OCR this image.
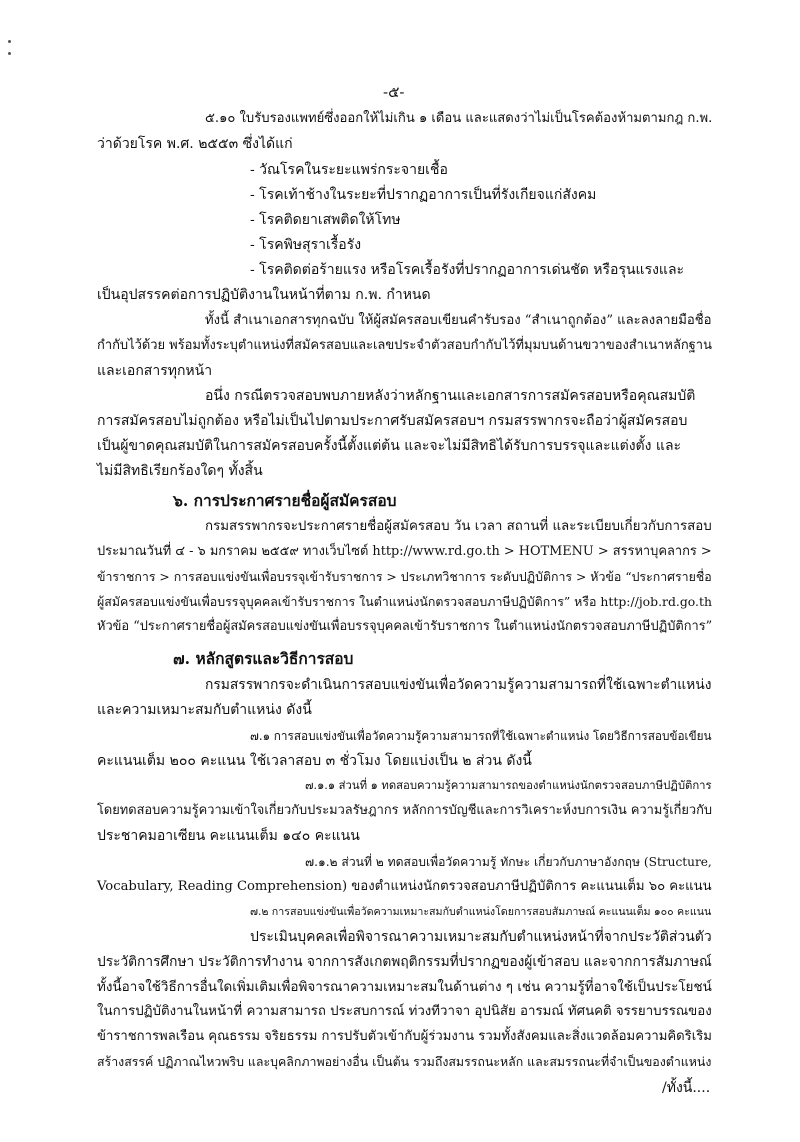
-๕-
๕.๑๐ ใบรับรองแพทย์ซึ่งออกให้ไม่เกิน ๑ เดือน และแสดงว่าไม่เป็นโรคต้องห้ามตามกฎ ก.พ.
ว่าด้วยโรค พ.ศ. ๒๕๕๓ ซึ่งได้แก่
- วัณโรคในระยะแพร่กระจายเชื้อ
- โรคเท้าช้างในระยะที่ปรากฏอาการเป็นที่รังเกียจแก่สังคม
- โรคติดยาเสพติดให้โทษ
- โรคพิษสุราเรื้อรัง
- โรคติดต่อร้ายแรง หรือโรคเรื้อรังที่ปรากฏอาการเด่นชัด หรือรุนแรงและ
เป็นอุปสรรคต่อการปฏิบัติงานในหน้าที่ตาม ก.พ. กำหนด
ทั้งนี้ สำเนาเอกสารทุกฉบับ ให้ผู้สมัครสอบเขียนคำรับรอง “สำเนาถูกต้อง” และลงลายมือชื่อ
กำกับไว้ด้วย พร้อมทั้งระบุตำแหน่งที่สมัครสอบและเลขประจำตัวสอบกำกับไว้ที่มุมบนด้านขวาของสำเนาหลักฐาน
และเอกสารทุกหน้า
อนึ่ง กรณีตรวจสอบพบภายหลังว่าหลักฐานและเอกสารการสมัครสอบหรือคุณสมบัติ
การสมัครสอบไม่ถูกต้อง หรือไม่เป็นไปตามประกาศรับสมัครสอบฯ กรมสรรพากรจะถือว่าผู้สมัครสอบ
เป็นผู้ขาดคุณสมบัติในการสมัครสอบครั้งนี้ตั้งแต่ต้น และจะไม่มีสิทธิได้รับการบรรจุและแต่งตั้ง และ
ไม่มีสิทธิเรียกร้องใดๆ ทั้งสิ้น
๖. การประกาศรายชื่อผู้สมัครสอบ
กรมสรรพากรจะประกาศรายชื่อผู้สมัครสอบ วัน เวลา สถานที่ และระเบียบเกี่ยวกับการสอบ
ประมาณวันที่ ๔ - ๖ มกราคม ๒๕๕๙ ทางเว็บไซต์ http://www.rd.go.th > HOTMENU > สรรหาบุคลากร >
ข้าราชการ > การสอบแข่งขันเพื่อบรรจุเข้ารับราชการ > ประเภทวิชาการ ระดับปฏิบัติการ > หัวข้อ “ประกาศรายชื่อ
ผู้สมัครสอบแข่งขันเพื่อบรรจุบุคคลเข้ารับราชการ ในตำแหน่งนักตรวจสอบภาษีปฏิบัติการ” หรือ http://job.rd.go.th
หัวข้อ “ประกาศรายชื่อผู้สมัครสอบแข่งขันเพื่อบรรจุบุคคลเข้ารับราชการ ในตำแหน่งนักตรวจสอบภาษีปฏิบัติการ”
๗. หลักสูตรและวิธีการสอบ
กรมสรรพากรจะดำเนินการสอบแข่งขันเพื่อวัดความรู้ความสามารถที่ใช้เฉพาะตำแหน่ง
และความเหมาะสมกับตำแหน่ง ดังนี้
๗.๑ การสอบแข่งขันเพื่อวัดความรู้ความสามารถที่ใช้เฉพาะตำแหน่ง โดยวิธีการสอบข้อเขียน
คะแนนเต็ม ๒๐๐ คะแนน ใช้เวลาสอบ ๓ ชั่วโมง โดยแบ่งเป็น ๒ ส่วน ดังนี้
๗.๑.๑ ส่วนที่ ๑ ทดสอบความรู้ความสามารถของตำแหน่งนักตรวจสอบภาษีปฏิบัติการ
โดยทดสอบความรู้ความเข้าใจเกี่ยวกับประมวลรัษฎากร หลักการบัญชีและการวิเคราะห์งบการเงิน ความรู้เกี่ยวกับ
ประชาคมอาเซียน คะแนนเต็ม ๑๔๐ คะแนน
๗.๑.๒ ส่วนที่ ๒ ทดสอบเพื่อวัดความรู้ ทักษะ เกี่ยวกับภาษาอังกฤษ (Structure,
Vocabulary, Reading Comprehension) ของตำแหน่งนักตรวจสอบภาษีปฏิบัติการ คะแนนเต็ม ๖๐ คะแนน
๗.๒ การสอบแข่งขันเพื่อวัดความเหมาะสมกับตำแหน่งโดยการสอบสัมภาษณ์ คะแนนเต็ม ๑๐๐ คะแนน
ประเมินบุคคลเพื่อพิจารณาความเหมาะสมกับตำแหน่งหน้าที่จากประวัติส่วนตัว
ประวัติการศึกษา ประวัติการทำงาน จากการสังเกตพฤติกรรมที่ปรากฏของผู้เข้าสอบ และจากการสัมภาษณ์
ทั้งนี้อาจใช้วิธีการอื่นใดเพิ่มเติมเพื่อพิจารณาความเหมาะสมในด้านต่าง ๆ เช่น ความรู้ที่อาจใช้เป็นประโยชน์
ในการปฏิบัติงานในหน้าที่ ความสามารถ ประสบการณ์ ท่วงทีวาจา อุปนิสัย อารมณ์ ทัศนคติ จรรยาบรรณของ
ข้าราชการพลเรือน คุณธรรม จริยธรรม การปรับตัวเข้ากับผู้ร่วมงาน รวมทั้งสังคมและสิ่งแวดล้อมความคิดริเริม
สร้างสรรค์ ปฏิภาณไหวพริบ และบุคลิกภาพอย่างอื่น เป็นต้น รวมถึงสมรรถนะหลัก และสมรรถนะที่จำเป็นของตำแหน่ง
/ทั้งนี้....
